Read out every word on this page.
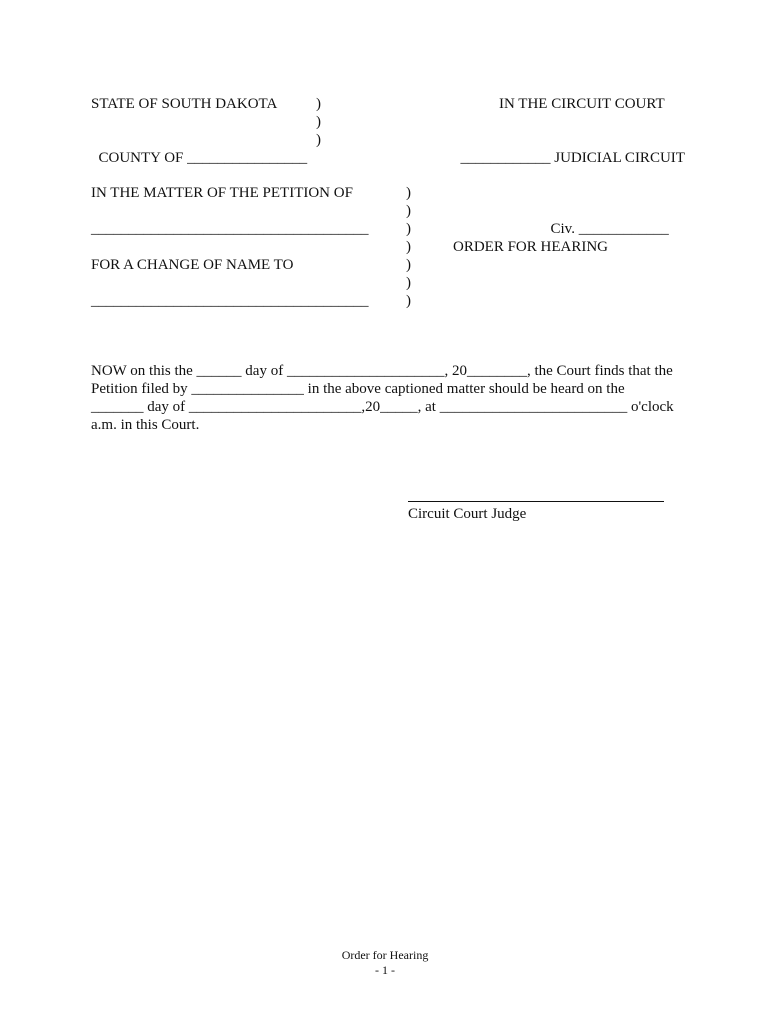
STATE OF SOUTH DAKOTA	)
)
)
IN THE CIRCUIT COURT

COUNTY OF ________________	____________ JUDICIAL CIRCUIT

IN THE MATTER OF THE PETITION OF
_____________________________________
FOR A CHANGE OF NAME TO
_____________________________________
)
)
)
)
)
)
)

Civ. ____________

ORDER FOR HEARING
NOW on this the ______ day of _____________________, 20________, the Court finds that the
Petition filed by _______________ in the above captioned matter should be heard on the
_______ day of _______________________,20_____, at _________________________ o'clock
a.m. in this Court.
Circuit Court Judge
Order for Hearing
- 1 -
